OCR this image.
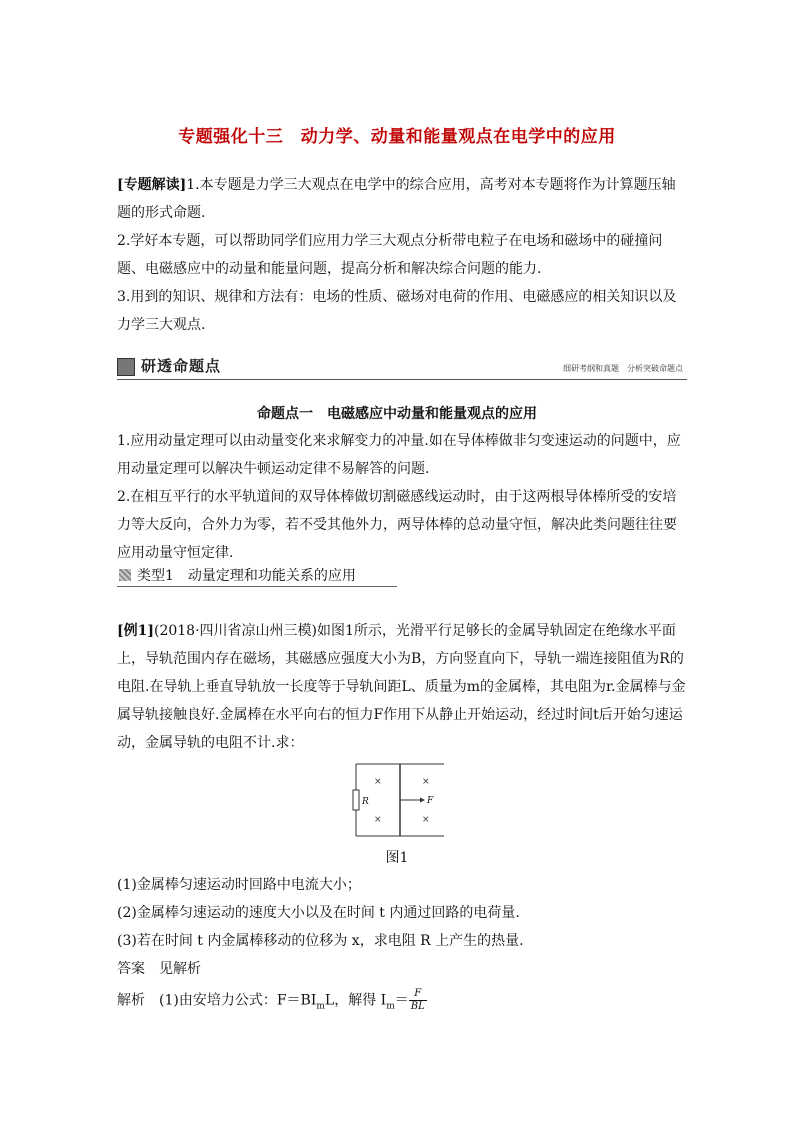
专题强化十三　动力学、动量和能量观点在电学中的应用
[专题解读]1.本专题是力学三大观点在电学中的综合应用，高考对本专题将作为计算题压轴题的形式命题.
2.学好本专题，可以帮助同学们应用力学三大观点分析带电粒子在电场和磁场中的碰撞问题、电磁感应中的动量和能量问题，提高分析和解决综合问题的能力.
3.用到的知识、规律和方法有：电场的性质、磁场对电荷的作用、电磁感应的相关知识以及力学三大观点.
研透命题点	细研考纲和真题　分析突破命题点
命题点一　电磁感应中动量和能量观点的应用
1.应用动量定理可以由动量变化来求解变力的冲量.如在导体棒做非匀变速运动的问题中，应用动量定理可以解决牛顿运动定律不易解答的问题.
2.在相互平行的水平轨道间的双导体棒做切割磁感线运动时，由于这两根导体棒所受的安培力等大反向，合外力为零，若不受其他外力，两导体棒的总动量守恒，解决此类问题往往要应用动量守恒定律.
类型1　动量定理和功能关系的应用
[例1](2018·四川省凉山州三模)如图1所示，光滑平行足够长的金属导轨固定在绝缘水平面上，导轨范围内存在磁场，其磁感应强度大小为B，方向竖直向下，导轨一端连接阻值为R的电阻.在导轨上垂直导轨放一长度等于导轨间距L、质量为m的金属棒，其电阻为r.金属棒与金属导轨接触良好.金属棒在水平向右的恒力F作用下从静止开始运动，经过时间t后开始匀速运动，金属导轨的电阻不计.求：
R	F
×	×
×	×
图1
(1)金属棒匀速运动时回路中电流大小；
(2)金属棒匀速运动的速度大小以及在时间 t 内通过回路的电荷量.
(3)若在时间 t 内金属棒移动的位移为 x，求电阻 R 上产生的热量.
答案　见解析
解析　(1)由安培力公式：$F=BI_mL$，解得 $I_m= \frac{F}{BL}$
